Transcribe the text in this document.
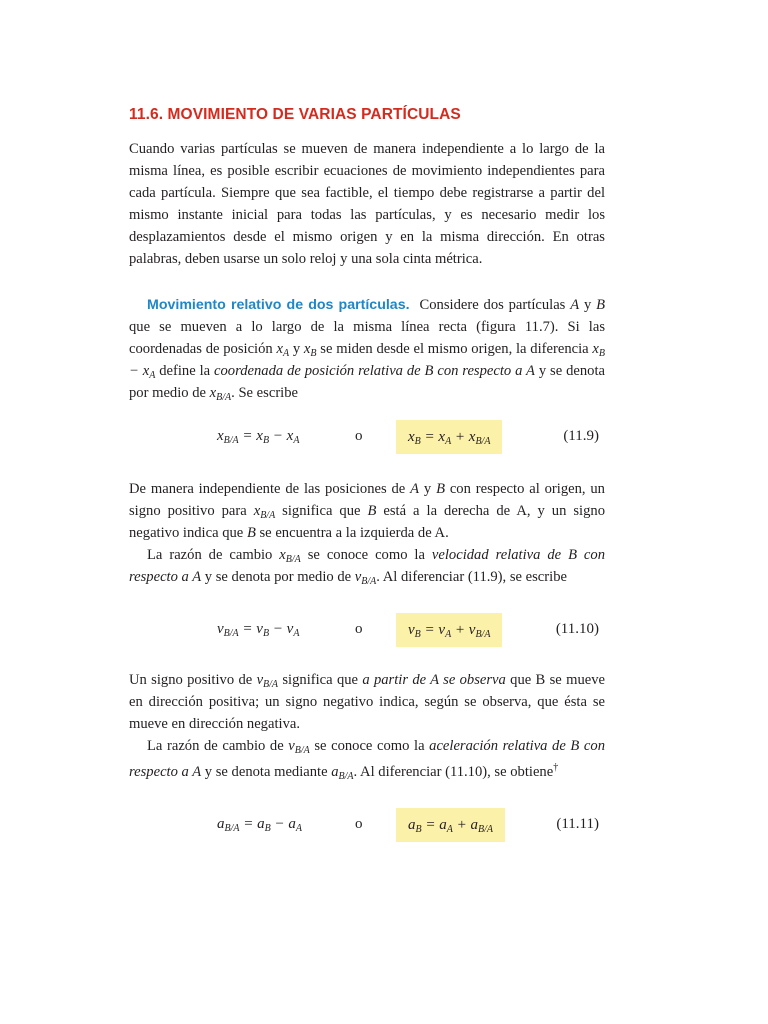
11.6. MOVIMIENTO DE VARIAS PARTÍCULAS

Cuando varias partículas se mueven de manera independiente a lo largo de la misma línea, es posible escribir ecuaciones de movimiento independientes para cada partícula. Siempre que sea factible, el tiempo debe registrarse a partir del mismo instante inicial para todas las partículas, y es necesario medir los desplazamientos desde el mismo origen y en la misma dirección. En otras palabras, deben usarse un solo reloj y una sola cinta métrica.

Movimiento relativo de dos partículas. Considere dos partículas A y B que se mueven a lo largo de la misma línea recta (figura 11.7). Si las coordenadas de posición $x_A$ y $x_B$ se miden desde el mismo origen, la diferencia $x_B - x_A$ define la coordenada de posición relativa de B con respecto a A y se denota por medio de $x_{B/A}$. Se escribe

$x_{B/A} = x_B - x_A$	o	$x_B = x_A + x_{B/A}$	(11.9)

De manera independiente de las posiciones de A y B con respecto al origen, un signo positivo para $x_{B/A}$ significa que B está a la derecha de A, y un signo negativo indica que B se encuentra a la izquierda de A.

La razón de cambio $x_{B/A}$ se conoce como la velocidad relativa de B con respecto a A y se denota por medio de $v_{B/A}$. Al diferenciar (11.9), se escribe

$v_{B/A} = v_B - v_A$	o	$v_B = v_A + v_{B/A}$	(11.10)

Un signo positivo de $v_{B/A}$ significa que a partir de A se observa que B se mueve en dirección positiva; un signo negativo indica, según se observa, que ésta se mueve en dirección negativa.

La razón de cambio de $v_{B/A}$ se conoce como la aceleración relativa de B con respecto a A y se denota mediante $a_{B/A}$. Al diferenciar (11.10), se obtiene†

$a_{B/A} = a_B - a_A$	o	$a_B = a_A + a_{B/A}$	(11.11)
